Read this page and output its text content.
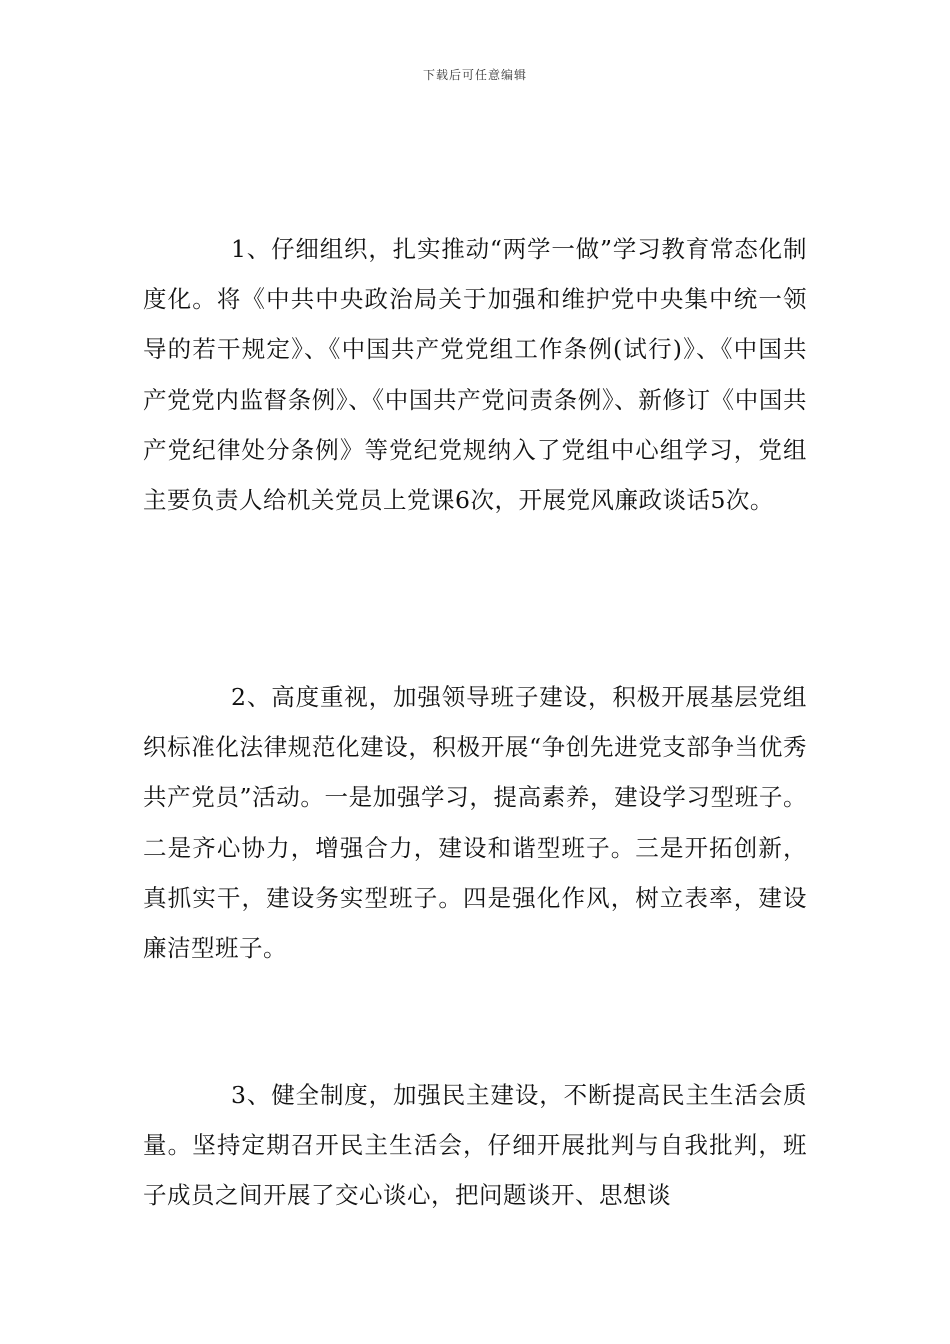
下载后可任意编辑

1、仔细组织，扎实推动“两学一做”学习教育常态化制度化。将《中共中央政治局关于加强和维护党中央集中统一领导的若干规定》、《中国共产党党组工作条例(试行)》、《中国共产党党内监督条例》、《中国共产党问责条例》、新修订《中国共产党纪律处分条例》等党纪党规纳入了党组中心组学习，党组主要负责人给机关党员上党课6次，开展党风廉政谈话5次。

2、高度重视，加强领导班子建设，积极开展基层党组织标准化法律规范化建设，积极开展“争创先进党支部争当优秀共产党员”活动。一是加强学习，提高素养，建设学习型班子。二是齐心协力，增强合力，建设和谐型班子。三是开拓创新，真抓实干，建设务实型班子。四是强化作风，树立表率，建设廉洁型班子。

3、健全制度，加强民主建设，不断提高民主生活会质量。坚持定期召开民主生活会，仔细开展批判与自我批判，班子成员之间开展了交心谈心，把问题谈开、思想谈
